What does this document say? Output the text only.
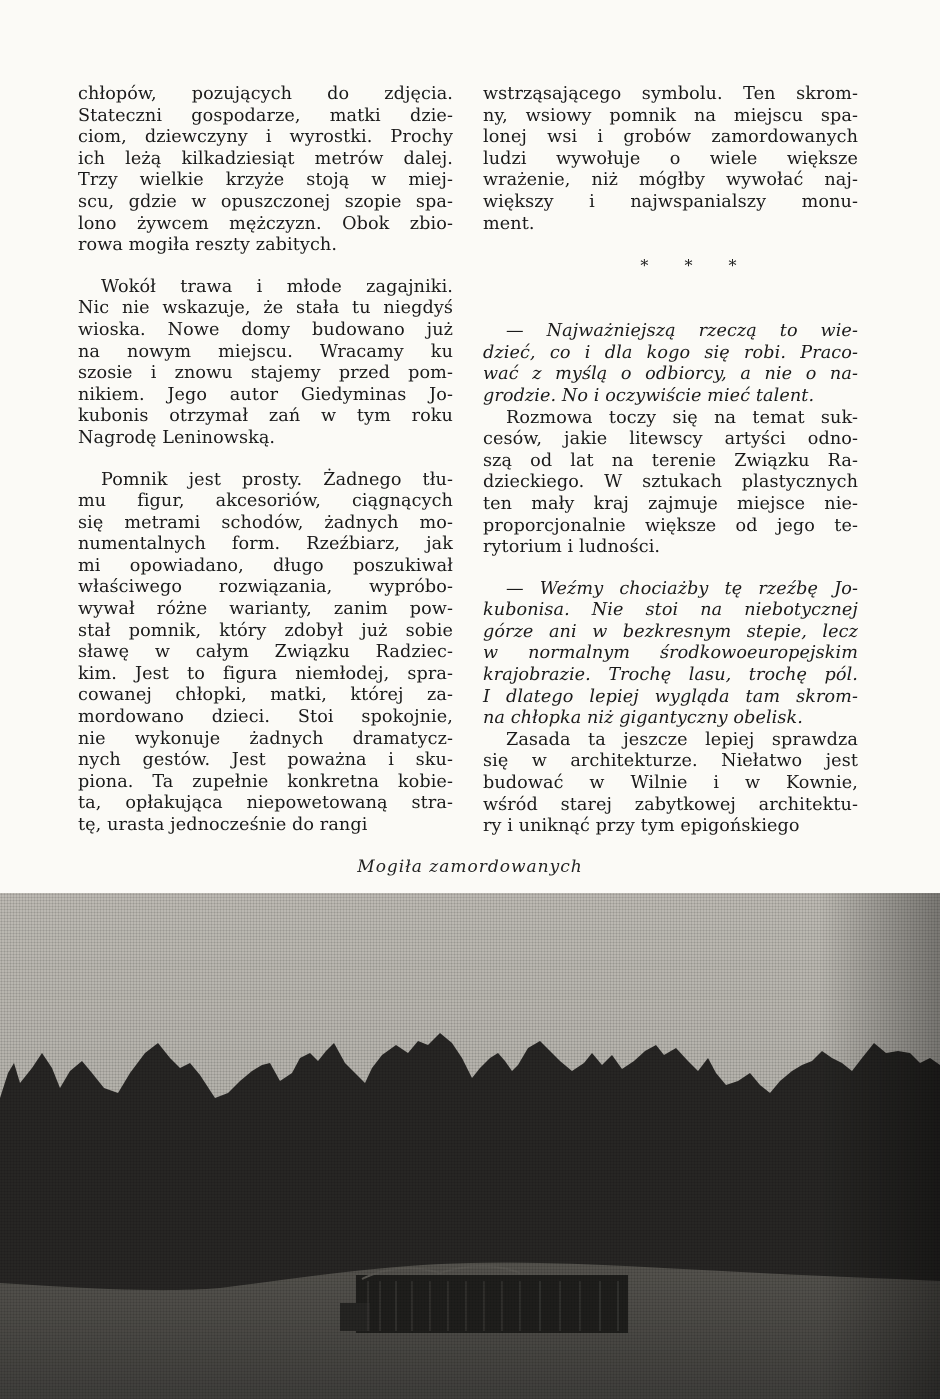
chłopów, pozujących do zdjęcia.
Stateczni gospodarze, matki dzie-
ciom, dziewczyny i wyrostki. Prochy
ich leżą kilkadziesiąt metrów dalej.
Trzy wielkie krzyże stoją w miej-
scu, gdzie w opuszczonej szopie spa-
lono żywcem mężczyzn. Obok zbio-
rowa mogiła reszty zabitych.
Wokół trawa i młode zagajniki.
Nic nie wskazuje, że stała tu niegdyś
wioska. Nowe domy budowano już
na nowym miejscu. Wracamy ku
szosie i znowu stajemy przed pom-
nikiem. Jego autor Giedyminas Jo-
kubonis otrzymał zań w tym roku
Nagrodę Leninowską.
Pomnik jest prosty. Żadnego tłu-
mu figur, akcesoriów, ciągnących
się metrami schodów, żadnych mo-
numentalnych form. Rzeźbiarz, jak
mi opowiadano, długo poszukiwał
właściwego rozwiązania, wypróbo-
wywał różne warianty, zanim pow-
stał pomnik, który zdobył już sobie
sławę w całym Związku Radziec-
kim. Jest to figura niemłodej, spra-
cowanej chłopki, matki, której za-
mordowano dzieci. Stoi spokojnie,
nie wykonuje żadnych dramatycz-
nych gestów. Jest poważna i sku-
piona. Ta zupełnie konkretna kobie-
ta, opłakująca niepowetowaną stra-
tę, urasta jednocześnie do rangi
wstrząsającego symbolu. Ten skrom-
ny, wsiowy pomnik na miejscu spa-
lonej wsi i grobów zamordowanych
ludzi wywołuje o wiele większe
wrażenie, niż mógłby wywołać naj-
większy i najwspanialszy monu-
ment.
* * *
— Najważniejszą rzeczą to wie-
dzieć, co i dla kogo się robi. Praco-
wać z myślą o odbiorcy, a nie o na-
grodzie. No i oczywiście mieć talent.
Rozmowa toczy się na temat suk-
cesów, jakie litewscy artyści odno-
szą od lat na terenie Związku Ra-
dzieckiego. W sztukach plastycznych
ten mały kraj zajmuje miejsce nie-
proporcjonalnie większe od jego te-
rytorium i ludności.
— Weźmy chociażby tę rzeźbę Jo-
kubonisa. Nie stoi na niebotycznej
górze ani w bezkresnym stepie, lecz
w normalnym środkowoeuropejskim
krajobrazie. Trochę lasu, trochę pól.
I dlatego lepiej wygląda tam skrom-
na chłopka niż gigantyczny obelisk.
Zasada ta jeszcze lepiej sprawdza
się w architekturze. Niełatwo jest
budować w Wilnie i w Kownie,
wśród starej zabytkowej architektu-
ry i uniknąć przy tym epigońskiego
Mogiła zamordowanych
